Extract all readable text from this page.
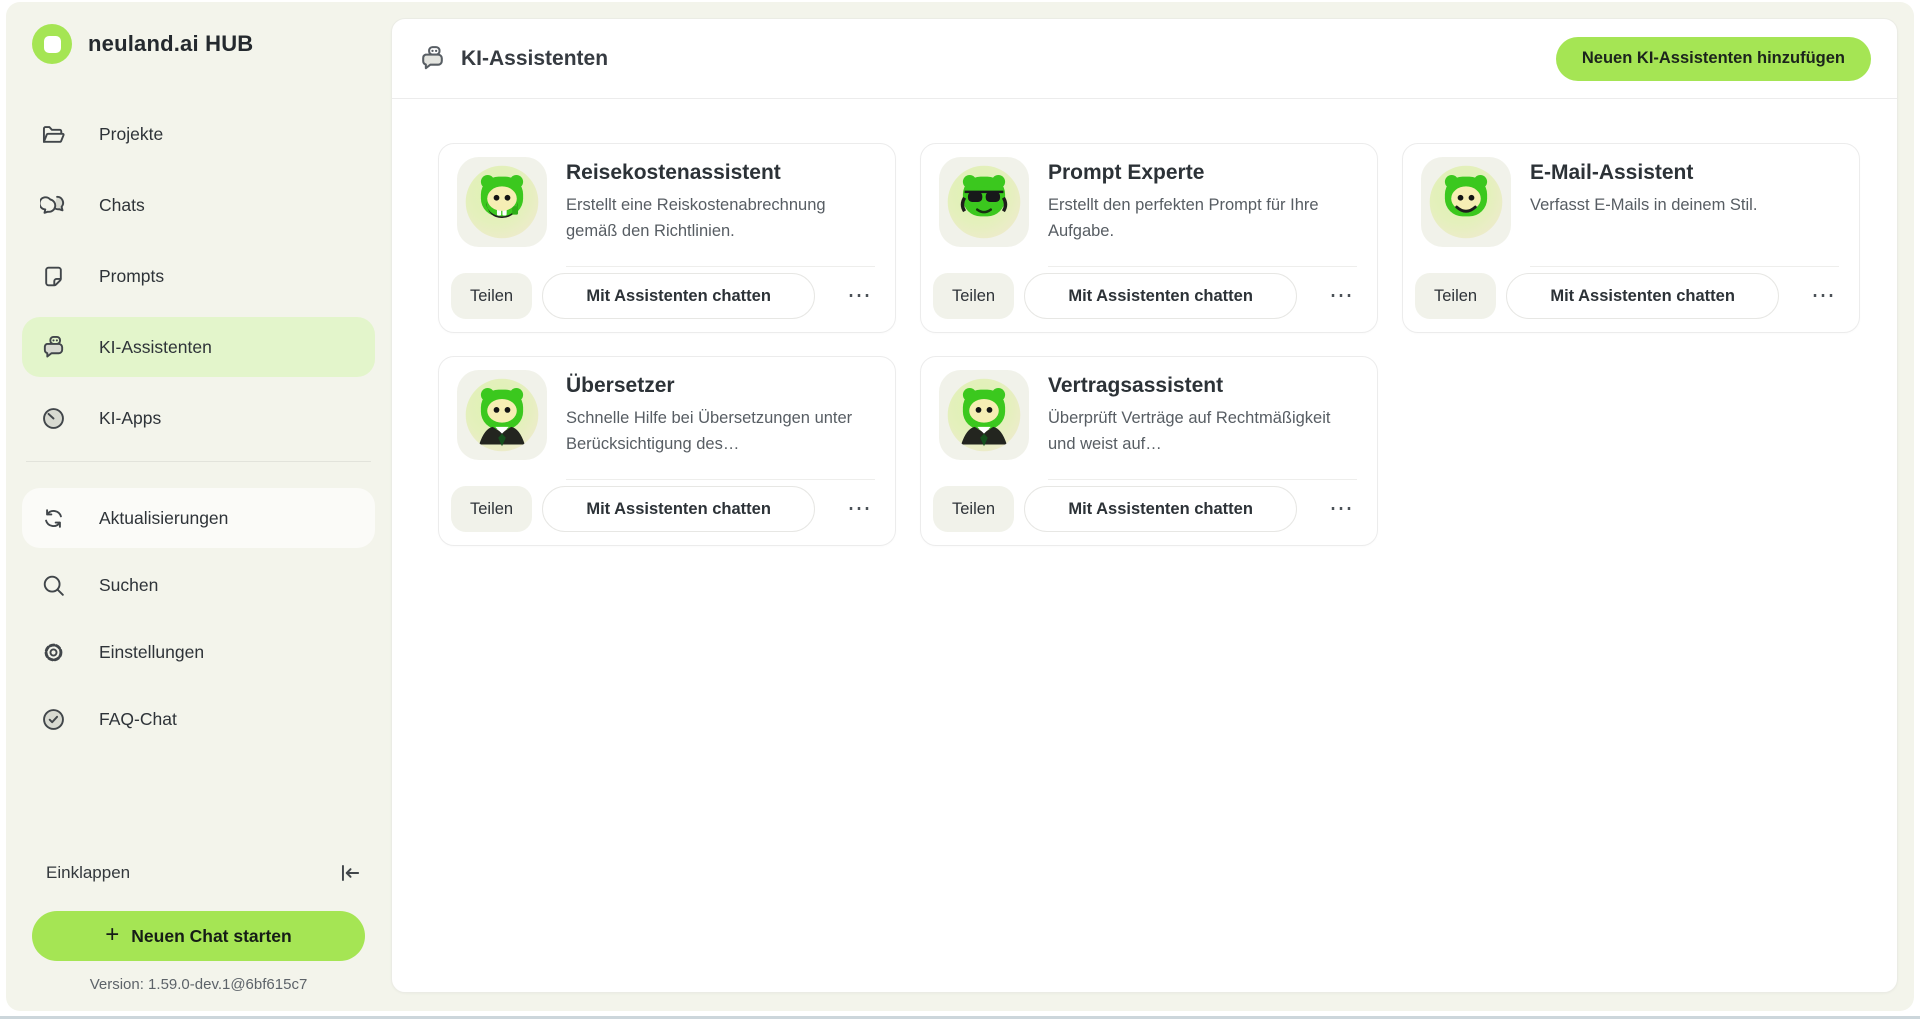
neuland.ai HUB
Projekte
Chats
Prompts
KI-Assistenten
KI-Apps
Aktualisierungen
Suchen
Einstellungen
FAQ-Chat
Einklappen
+ Neuen Chat starten
Version: 1.59.0-dev.1@6bf615c7
KI-Assistenten	Neuen KI-Assistenten hinzufügen
Reisekostenassistent
Erstellt eine Reiskostenabrechnung gemäß den Richtlinien.
Teilen	Mit Assistenten chatten	⋯
Prompt Experte
Erstellt den perfekten Prompt für Ihre Aufgabe.
Teilen	Mit Assistenten chatten	⋯
E-Mail-Assistent
Verfasst E-Mails in deinem Stil.
Teilen	Mit Assistenten chatten	⋯
Übersetzer
Schnelle Hilfe bei Übersetzungen unter Berücksichtigung des…
Teilen	Mit Assistenten chatten	⋯
Vertragsassistent
Überprüft Verträge auf Rechtmäßigkeit und weist auf…
Teilen	Mit Assistenten chatten	⋯
